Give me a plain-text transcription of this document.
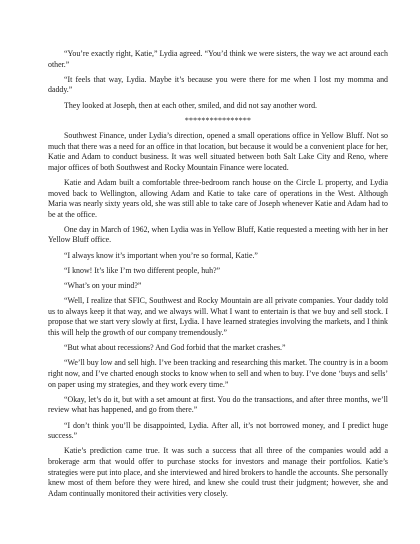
“You’re exactly right, Katie,” Lydia agreed. “You’d think we were sisters, the way we act around each other.”

“It feels that way, Lydia. Maybe it’s because you were there for me when I lost my momma and daddy.”

They looked at Joseph, then at each other, smiled, and did not say another word.

****************

Southwest Finance, under Lydia’s direction, opened a small operations office in Yellow Bluff. Not so much that there was a need for an office in that location, but because it would be a convenient place for her, Katie and Adam to conduct business. It was well situated between both Salt Lake City and Reno, where major offices of both Southwest and Rocky Mountain Finance were located.

Katie and Adam built a comfortable three-bedroom ranch house on the Circle L property, and Lydia moved back to Wellington, allowing Adam and Katie to take care of operations in the West. Although Maria was nearly sixty years old, she was still able to take care of Joseph whenever Katie and Adam had to be at the office.

One day in March of 1962, when Lydia was in Yellow Bluff, Katie requested a meeting with her in her Yellow Bluff office.

“I always know it’s important when you’re so formal, Katie.”

“I know! It’s like I’m two different people, huh?”

“What’s on your mind?”

“Well, I realize that SFIC, Southwest and Rocky Mountain are all private companies. Your daddy told us to always keep it that way, and we always will. What I want to entertain is that we buy and sell stock. I propose that we start very slowly at first, Lydia. I have learned strategies involving the markets, and I think this will help the growth of our company tremendously.”

“But what about recessions? And God forbid that the market crashes.”

“We’ll buy low and sell high. I’ve been tracking and researching this market. The country is in a boom right now, and I’ve charted enough stocks to know when to sell and when to buy. I’ve done ‘buys and sells’ on paper using my strategies, and they work every time.”

“Okay, let’s do it, but with a set amount at first. You do the transactions, and after three months, we’ll review what has happened, and go from there.”

“I don’t think you’ll be disappointed, Lydia. After all, it’s not borrowed money, and I predict huge success.”

Katie’s prediction came true. It was such a success that all three of the companies would add a brokerage arm that would offer to purchase stocks for investors and manage their portfolios. Katie’s strategies were put into place, and she interviewed and hired brokers to handle the accounts. She personally knew most of them before they were hired, and knew she could trust their judgment; however, she and Adam continually monitored their activities very closely.
